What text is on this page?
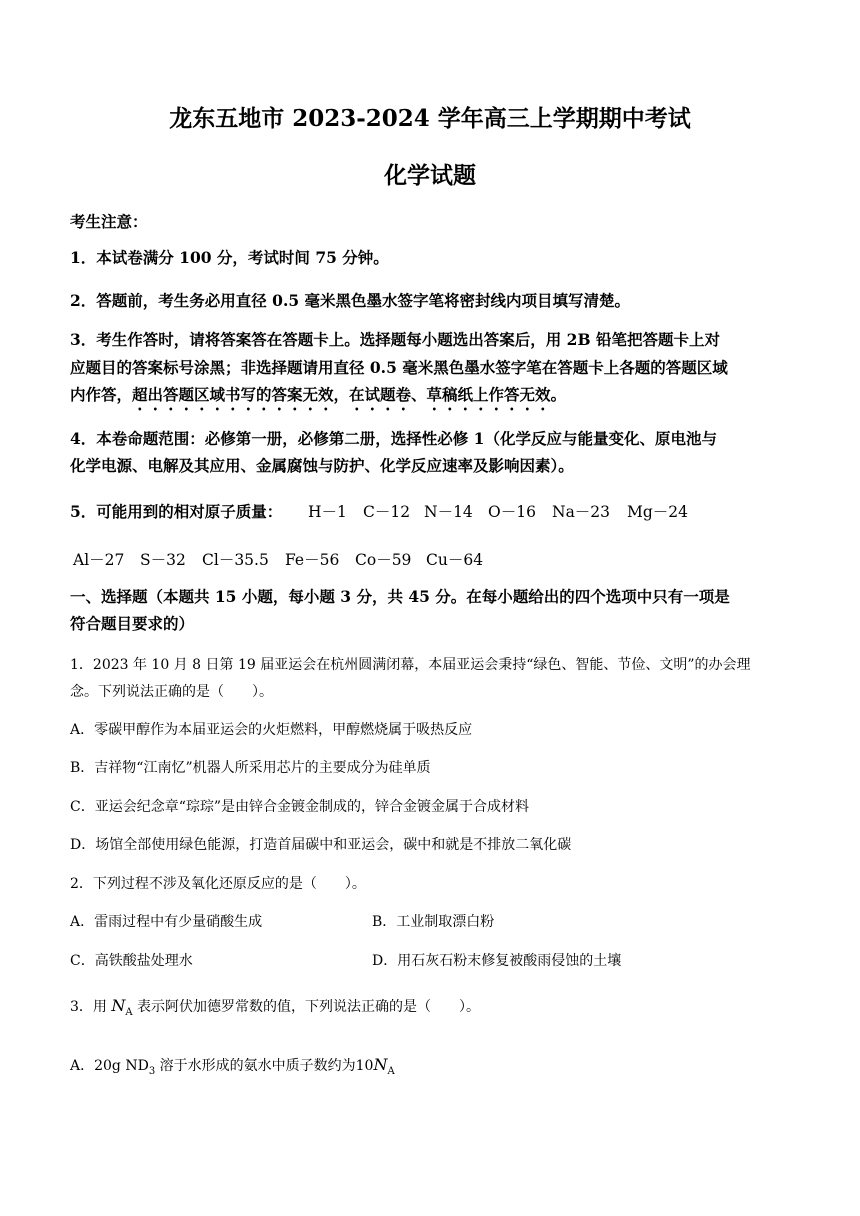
龙东五地市 2023-2024 学年高三上学期期中考试
化学试题
考生注意：
1．本试卷满分 100 分，考试时间 75 分钟。
2．答题前，考生务必用直径 0.5 毫米黑色墨水签字笔将密封线内项目填写清楚。
3．考生作答时，请将答案答在答题卡上。选择题每小题选出答案后，用 2B 铅笔把答题卡上对
应题目的答案标号涂黑；非选择题请用直径 0.5 毫米黑色墨水签字笔在答题卡上各题的答题区域
内作答，超出答题区域书写的答案无效，在试题卷、草稿纸上作答无效。
4．本卷命题范围：必修第一册，必修第二册，选择性必修 1（化学反应与能量变化、原电池与
化学电源、电解及其应用、金属腐蚀与防护、化学反应速率及影响因素）。
5．可能用到的相对原子质量：	H－1 C－12 N－14 O－16 Na－23 Mg－24
Al－27 S－32 Cl－35.5 Fe－56 Co－59 Cu－64
一、选择题（本题共 15 小题，每小题 3 分，共 45 分。在每小题给出的四个选项中只有一项是
符合题目要求的）
1．2023 年 10 月 8 日第 19 届亚运会在杭州圆满闭幕，本届亚运会秉持“绿色、智能、节俭、文明”的办会理
念。下列说法正确的是（　　）。
A．零碳甲醇作为本届亚运会的火炬燃料，甲醇燃烧属于吸热反应
B．吉祥物“江南忆”机器人所采用芯片的主要成分为硅单质
C．亚运会纪念章“琮琮”是由锌合金镀金制成的，锌合金镀金属于合成材料
D．场馆全部使用绿色能源，打造首届碳中和亚运会，碳中和就是不排放二氧化碳
2．下列过程不涉及氧化还原反应的是（　　）。
A．雷雨过程中有少量硝酸生成	B．工业制取漂白粉
C．高铁酸盐处理水	D．用石灰石粉末修复被酸雨侵蚀的土壤
3．用 $N_A$ 表示阿伏加德罗常数的值，下列说法正确的是（　　）。
A．20g $ND_3$ 溶于水形成的氨水中质子数约为$10N_A$
